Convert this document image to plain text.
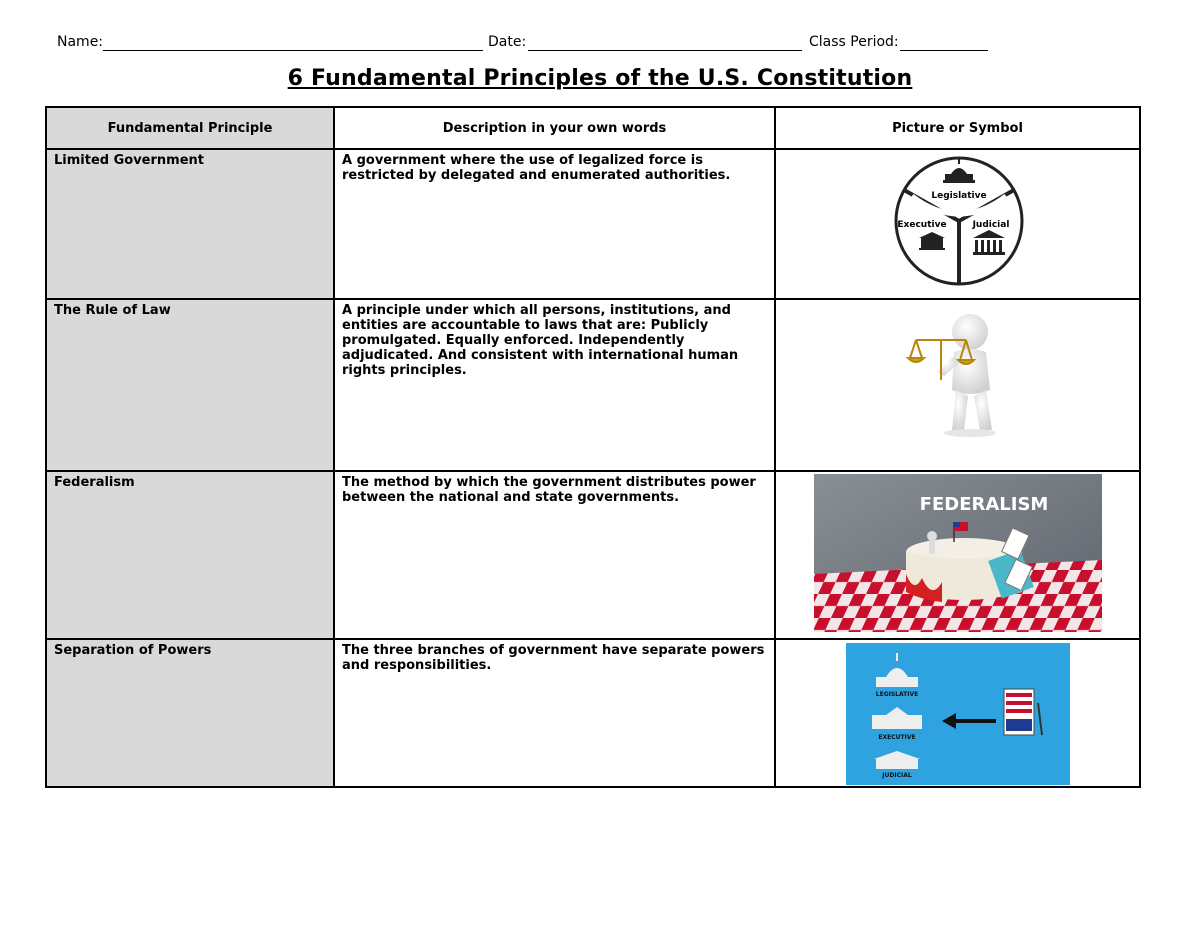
Name:	Date:	Class Period:
6 Fundamental Principles of the U.S. Constitution
Fundamental Principle	Description in your own words	Picture or Symbol
Limited Government	A government where the use of legalized force is restricted by delegated and enumerated authorities.	Legislative
Executive Judicial

The Rule of Law	A principle under which all persons, institutions, and entities are accountable to laws that are: Publicly promulgated. Equally enforced. Independently adjudicated. And consistent with international human rights principles.	

Federalism	The method by which the government distributes power between the national and state governments.	FEDERALISM

Separation of Powers	The three branches of government have separate powers and responsibilities.	LEGISLATIVE
EXECUTIVE
JUDICIAL
